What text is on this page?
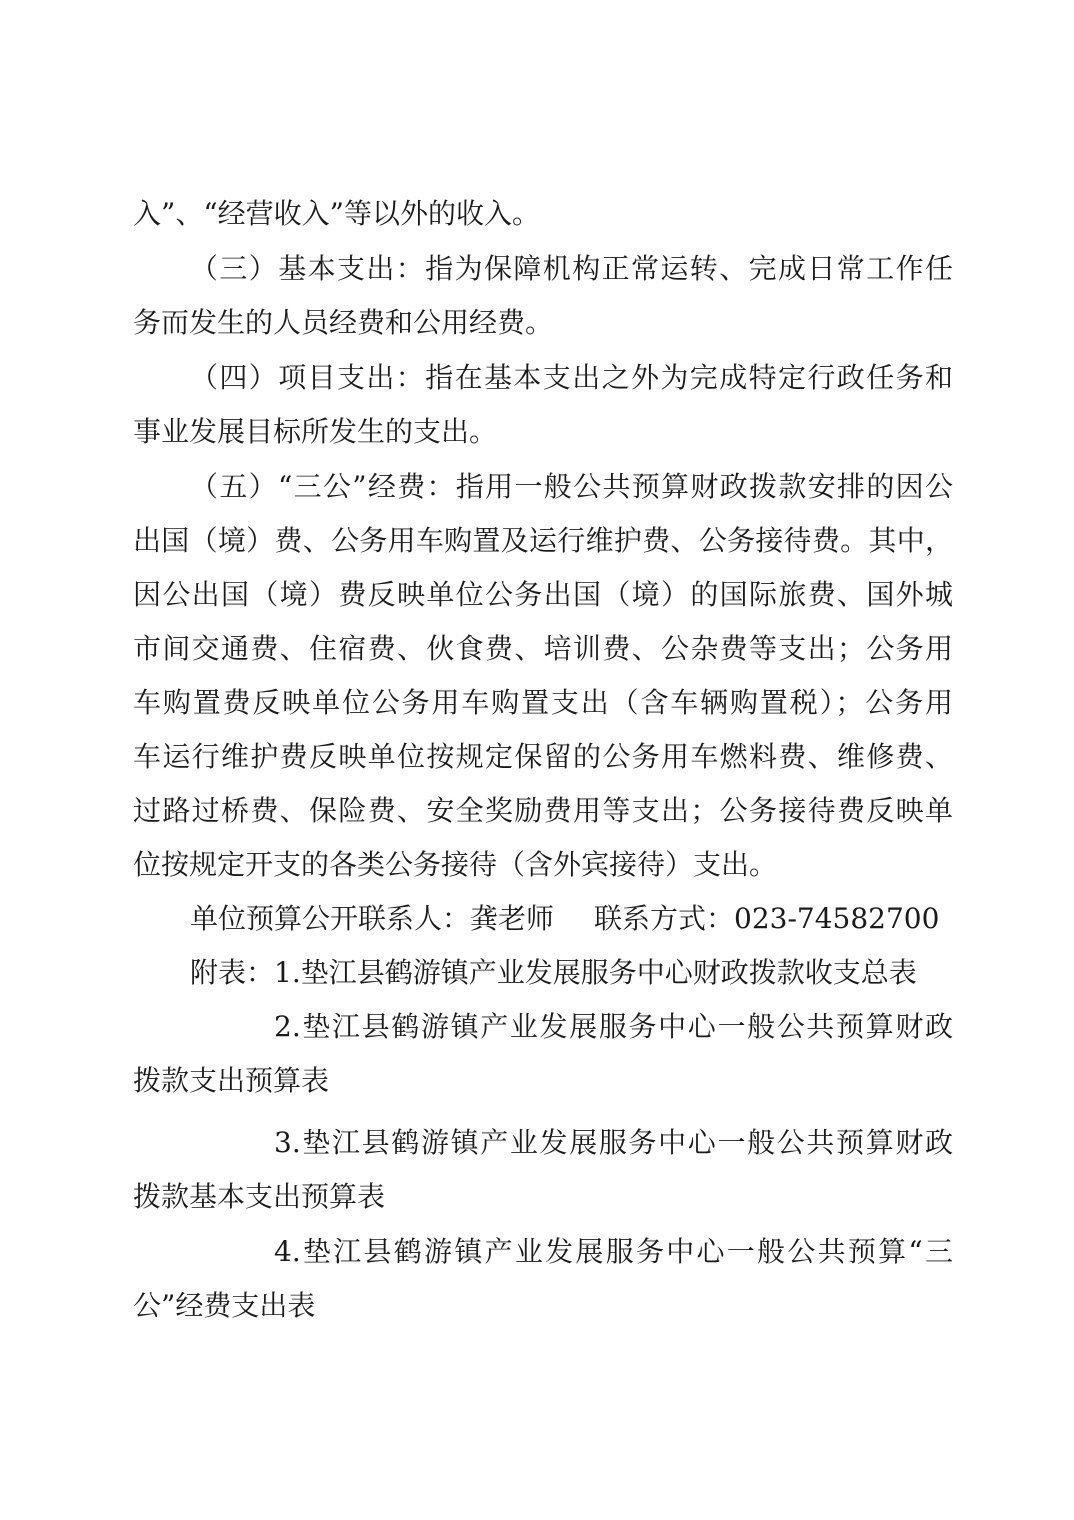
入”、“经营收入”等以外的收入。
（三）基本支出：指为保障机构正常运转、完成日常工作任
务而发生的人员经费和公用经费。
（四）项目支出：指在基本支出之外为完成特定行政任务和
事业发展目标所发生的支出。
（五）“三公”经费：指用一般公共预算财政拨款安排的因公
出国（境）费、公务用车购置及运行维护费、公务接待费。其中，
因公出国（境）费反映单位公务出国（境）的国际旅费、国外城
市间交通费、住宿费、伙食费、培训费、公杂费等支出；公务用
车购置费反映单位公务用车购置支出（含车辆购置税）；公务用
车运行维护费反映单位按规定保留的公务用车燃料费、维修费、
过路过桥费、保险费、安全奖励费用等支出；公务接待费反映单
位按规定开支的各类公务接待（含外宾接待）支出。
单位预算公开联系人：龚老师 联系方式：023-74582700
附表：1.垫江县鹤游镇产业发展服务中心财政拨款收支总表
2.垫江县鹤游镇产业发展服务中心一般公共预算财政
拨款支出预算表
3.垫江县鹤游镇产业发展服务中心一般公共预算财政
拨款基本支出预算表
4.垫江县鹤游镇产业发展服务中心一般公共预算“三
公”经费支出表
